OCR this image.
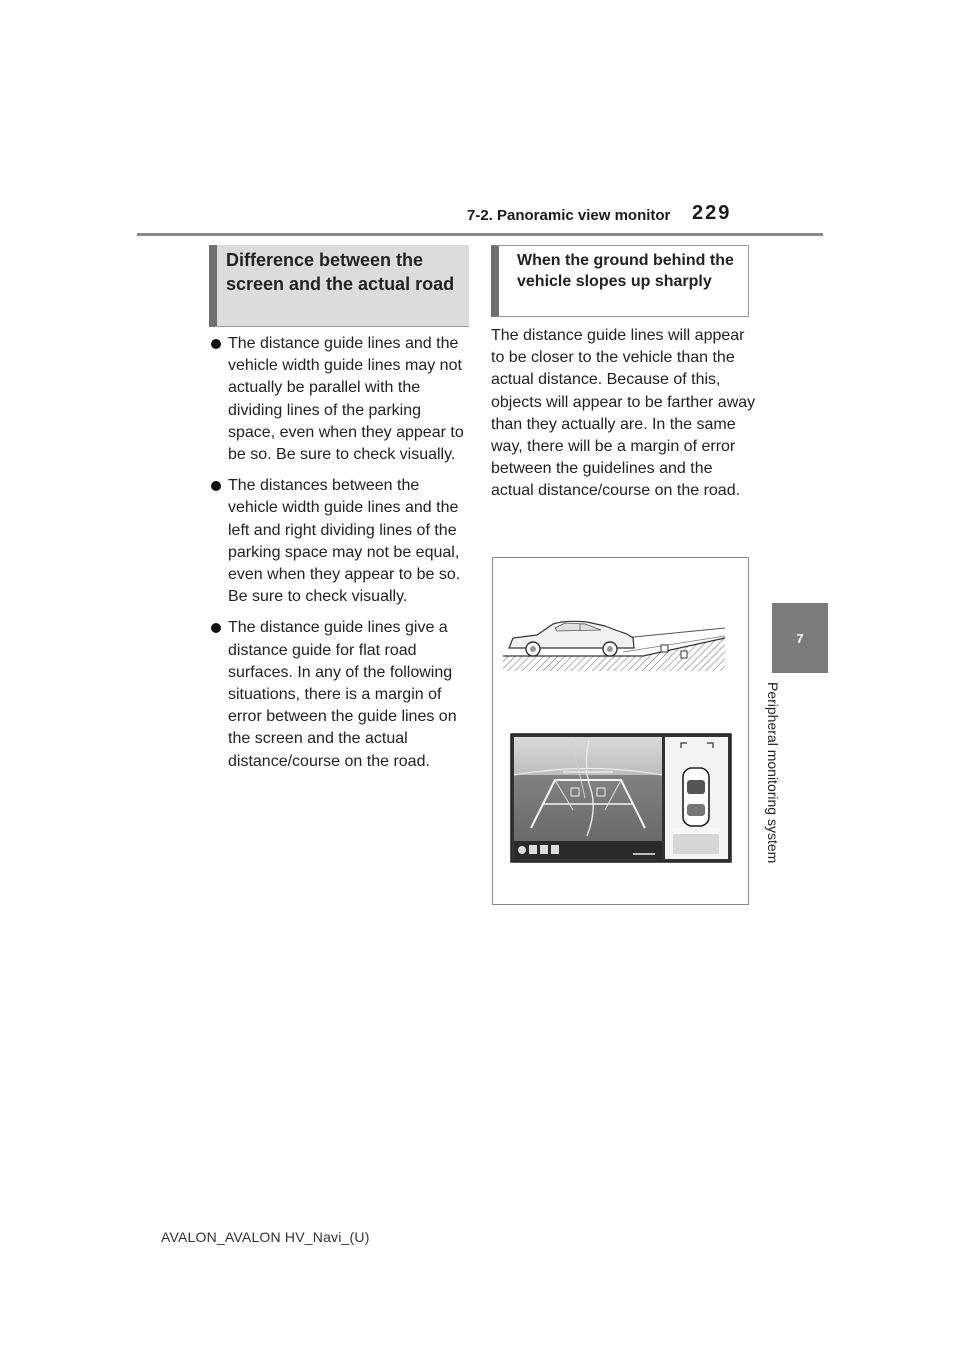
7-2. Panoramic view monitor 229
7
Peripheral monitoring system
Difference between the screen and the actual road
The distance guide lines and the vehicle width guide lines may not actually be parallel with the dividing lines of the parking space, even when they appear to be so. Be sure to check visually.
The distances between the vehicle width guide lines and the left and right dividing lines of the parking space may not be equal, even when they appear to be so. Be sure to check visually.
The distance guide lines give a distance guide for flat road surfaces. In any of the following situations, there is a margin of error between the guide lines on the screen and the actual distance/course on the road.
When the ground behind the vehicle slopes up sharply
The distance guide lines will appear to be closer to the vehicle than the actual distance. Because of this, objects will appear to be farther away than they actually are. In the same way, there will be a margin of error between the guidelines and the actual distance/course on the road.
AVALON_AVALON HV_Navi_(U)
